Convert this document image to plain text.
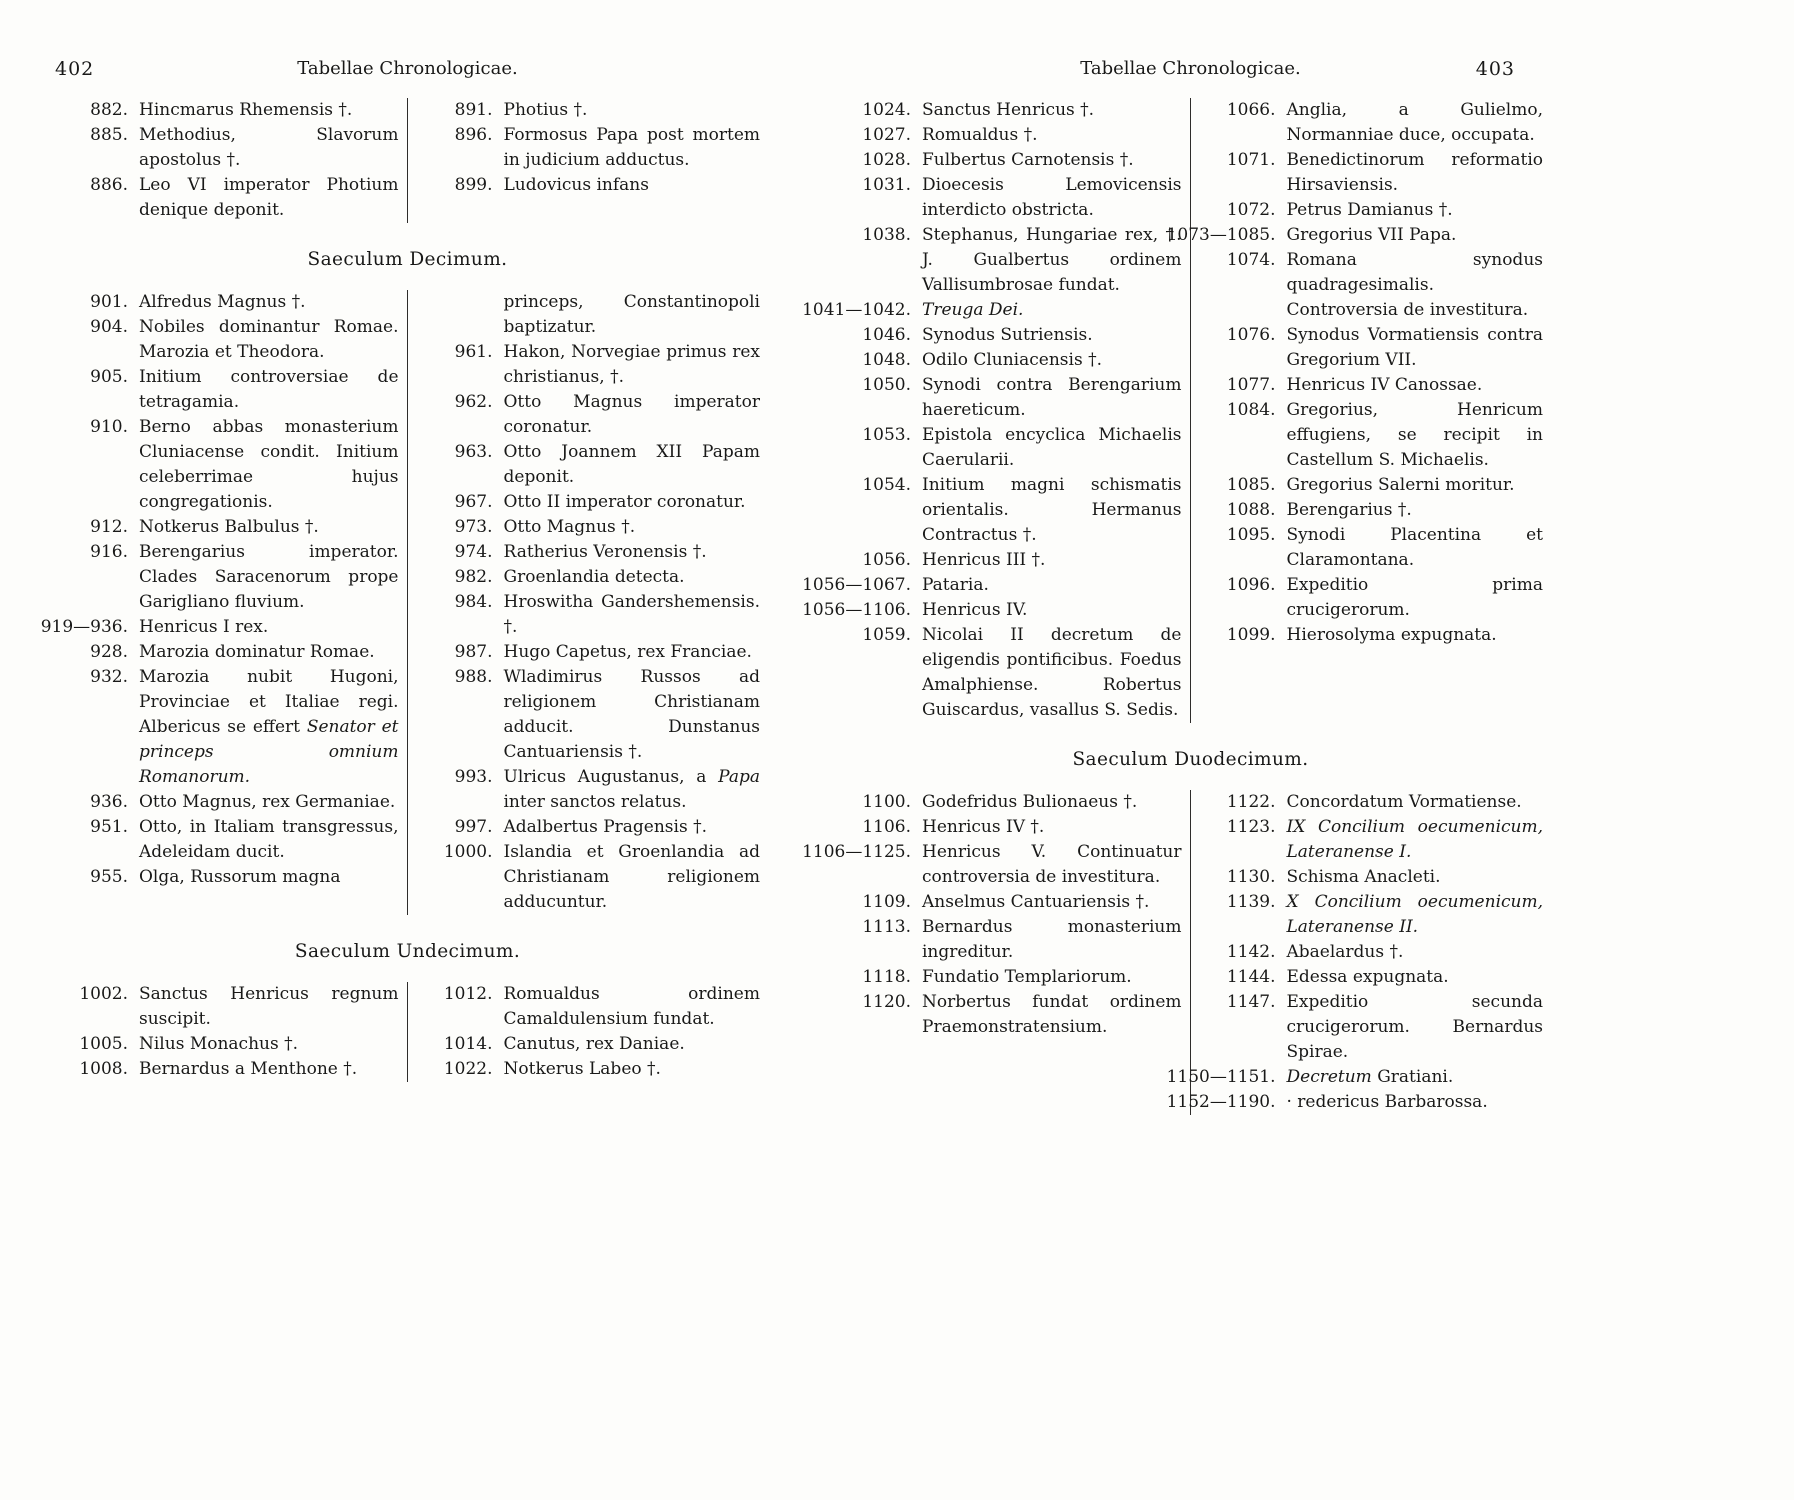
402	Tabellae Chronologicae.
882. Hincmarus Rhemensis †.
885. Methodius, Slavorum apostolus †.
886. Leo VI imperator Photium denique deponit.
891. Photius †.
896. Formosus Papa post mortem in judicium adductus.
899. Ludovicus infans
Saeculum Decimum.
901. Alfredus Magnus †.
904. Nobiles dominantur Romae. Marozia et Theodora.
905. Initium controversiae de tetragamia.
910. Berno abbas monasterium Cluniacense condit. Initium celeberrimae hujus congregationis.
912. Notkerus Balbulus †.
916. Berengarius imperator. Clades Saracenorum prope Garigliano fluvium.
919—936. Henricus I rex.
928. Marozia dominatur Romae.
932. Marozia nubit Hugoni, Provinciae et Italiae regi. Albericus se effert Senator et princeps omnium Romanorum.
936. Otto Magnus, rex Germaniae.
951. Otto, in Italiam transgressus, Adeleidam ducit.
955. Olga, Russorum magna
princeps, Constantinopoli baptizatur.
961. Hakon, Norvegiae primus rex christianus, †.
962. Otto Magnus imperator coronatur.
963. Otto Joannem XII Papam deponit.
967. Otto II imperator coronatur.
973. Otto Magnus †.
974. Ratherius Veronensis †.
982. Groenlandia detecta.
984. Hroswitha Gandershemensis. †.
987. Hugo Capetus, rex Franciae.
988. Wladimirus Russos ad religionem Christianam adducit. Dunstanus Cantuariensis †.
993. Ulricus Augustanus, a Papa inter sanctos relatus.
997. Adalbertus Pragensis †.
1000. Islandia et Groenlandia ad Christianam religionem adducuntur.
Saeculum Undecimum.
1002. Sanctus Henricus regnum suscipit.
1005. Nilus Monachus †.
1008. Bernardus a Menthone †.
1012. Romualdus ordinem Camaldulensium fundat.
1014. Canutus, rex Daniae.
1022. Notkerus Labeo †.
403
Tabellae Chronologicae.
1024. Sanctus Henricus †.
1027. Romualdus †.
1028. Fulbertus Carnotensis †.
1031. Dioecesis Lemovicensis interdicto obstricta.
1038. Stephanus, Hungariae rex, †. J. Gualbertus ordinem Vallisumbrosae fundat.
1041—1042. Treuga Dei.
1046. Synodus Sutriensis.
1048. Odilo Cluniacensis †.
1050. Synodi contra Berengarium haereticum.
1053. Epistola encyclica Michaelis Caerularii.
1054. Initium magni schismatis orientalis. Hermanus Contractus †.
1056. Henricus III †.
1056—1067. Pataria.
1056—1106. Henricus IV.
1059. Nicolai II decretum de eligendis pontificibus. Foedus Amalphiense. Robertus Guiscardus, vasallus S. Sedis.
1066. Anglia, a Gulielmo, Normanniae duce, occupata.
1071. Benedictinorum reformatio Hirsaviensis.
1072. Petrus Damianus †.
1073—1085. Gregorius VII Papa.
1074. Romana synodus quadragesimalis. Controversia de investitura.
1076. Synodus Vormatiensis contra Gregorium VII.
1077. Henricus IV Canossae.
1084. Gregorius, Henricum effugiens, se recipit in Castellum S. Michaelis.
1085. Gregorius Salerni moritur.
1088. Berengarius †.
1095. Synodi Placentina et Claramontana.
1096. Expeditio prima crucigerorum.
1099. Hierosolyma expugnata.
Saeculum Duodecimum.
1100. Godefridus Bulionaeus †.
1106. Henricus IV †.
1106—1125. Henricus V. Continuatur controversia de investitura.
1109. Anselmus Cantuariensis †.
1113. Bernardus monasterium ingreditur.
1118. Fundatio Templariorum.
1120. Norbertus fundat ordinem Praemonstratensium.
1122. Concordatum Vormatiense.
1123. IX Concilium oecumenicum, Lateranense I.
1130. Schisma Anacleti.
1139. X Concilium oecumenicum, Lateranense II.
1142. Abaelardus †.
1144. Edessa expugnata.
1147. Expeditio secunda crucigerorum. Bernardus Spirae.
1150—1151. Decretum Gratiani.
1152—1190. · redericus Barbarossa.
